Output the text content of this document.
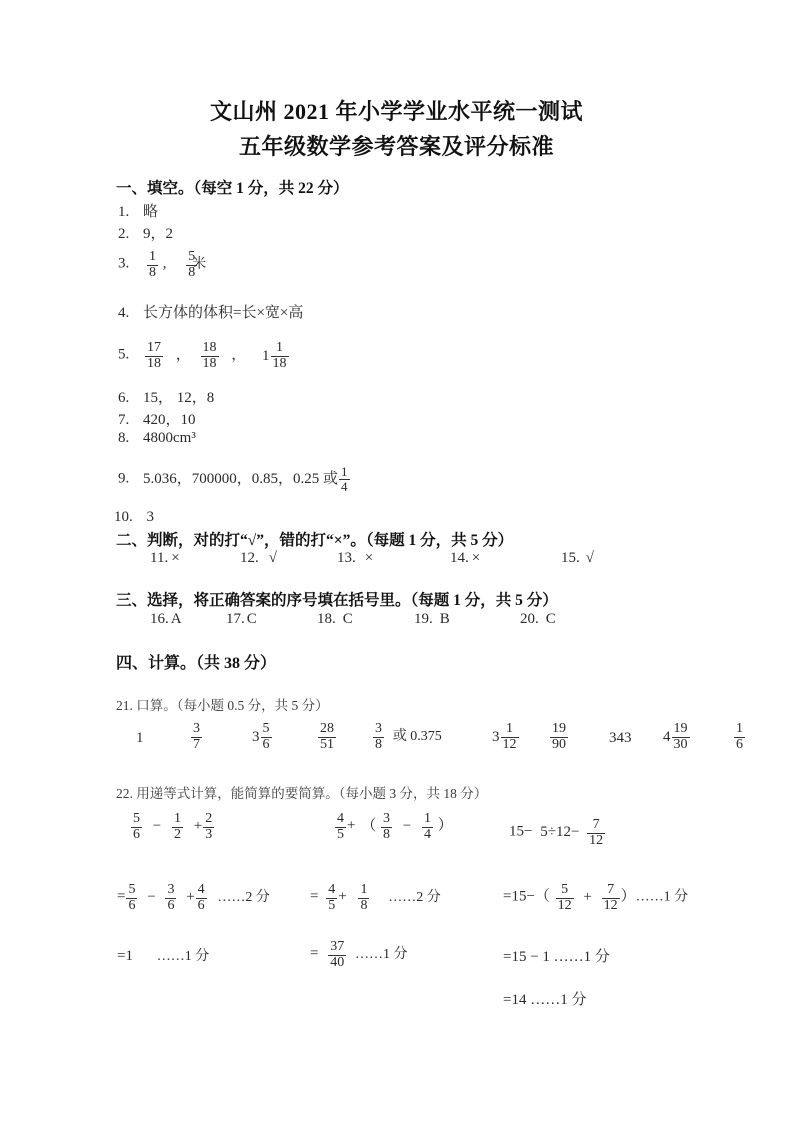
文山州 2021 年小学学业水平统一测试
五年级数学参考答案及评分标准
一、填空。（每空 1 分，共 22 分）
1. 略
2. 9，2
3. $\frac{1}{8}$ , $\frac{5}{8}$
米
4. 长方体的体积=长×宽×高
5. $\frac{17}{18}$ ， $\frac{18}{18}$ ， $1 \frac{1}{18}$
6. 15， 12，8
7. 420，10
8. 4800cm³
9. 5.036，700000，0.85，0.25 或 $\frac{1}{4}$
10. 3
二、判断，对的打“√”，错的打“×”。（每题 1 分，共 5 分）
11. ×	12. √	13. ×	14. ×	15. √
三、选择，将正确答案的序号填在括号里。（每题 1 分，共 5 分）
16. A	17. C	18. C	19. B	20. C
四、计算。（共 38 分）
21. 口算。（每小题 0.5 分，共 5 分）
1	$\frac{3}{7}$	$3 \frac{5}{6}$	$\frac{28}{51}$	$\frac{3}{8}$ 或 0.375	$3 \frac{1}{12} \frac{19}{90}$	343 $4 \frac{19}{30}$	$\frac{1}{6}$
22. 用递等式计算，能简算的要简算。（每小题 3 分，共 18 分）
$\frac{5}{6} - \frac{1}{2} + \frac{2}{3}$
= $\frac{5}{6} - \frac{3}{6} + \frac{4}{6}$ ……2 分
=1 ……1 分
$\frac{4}{5}$ + （ $\frac{3}{8} - \frac{1}{4}$ ）
= $\frac{4}{5} + \frac{1}{8}$ ……2 分
= $\frac{37}{40}$ ……1 分
$15- 5\div 12- \frac{7}{12}$
$=15-( \frac{5}{12} + \frac{7}{12}$ ）……1 分
=15 − 1 ……1 分
=14 ……1 分
